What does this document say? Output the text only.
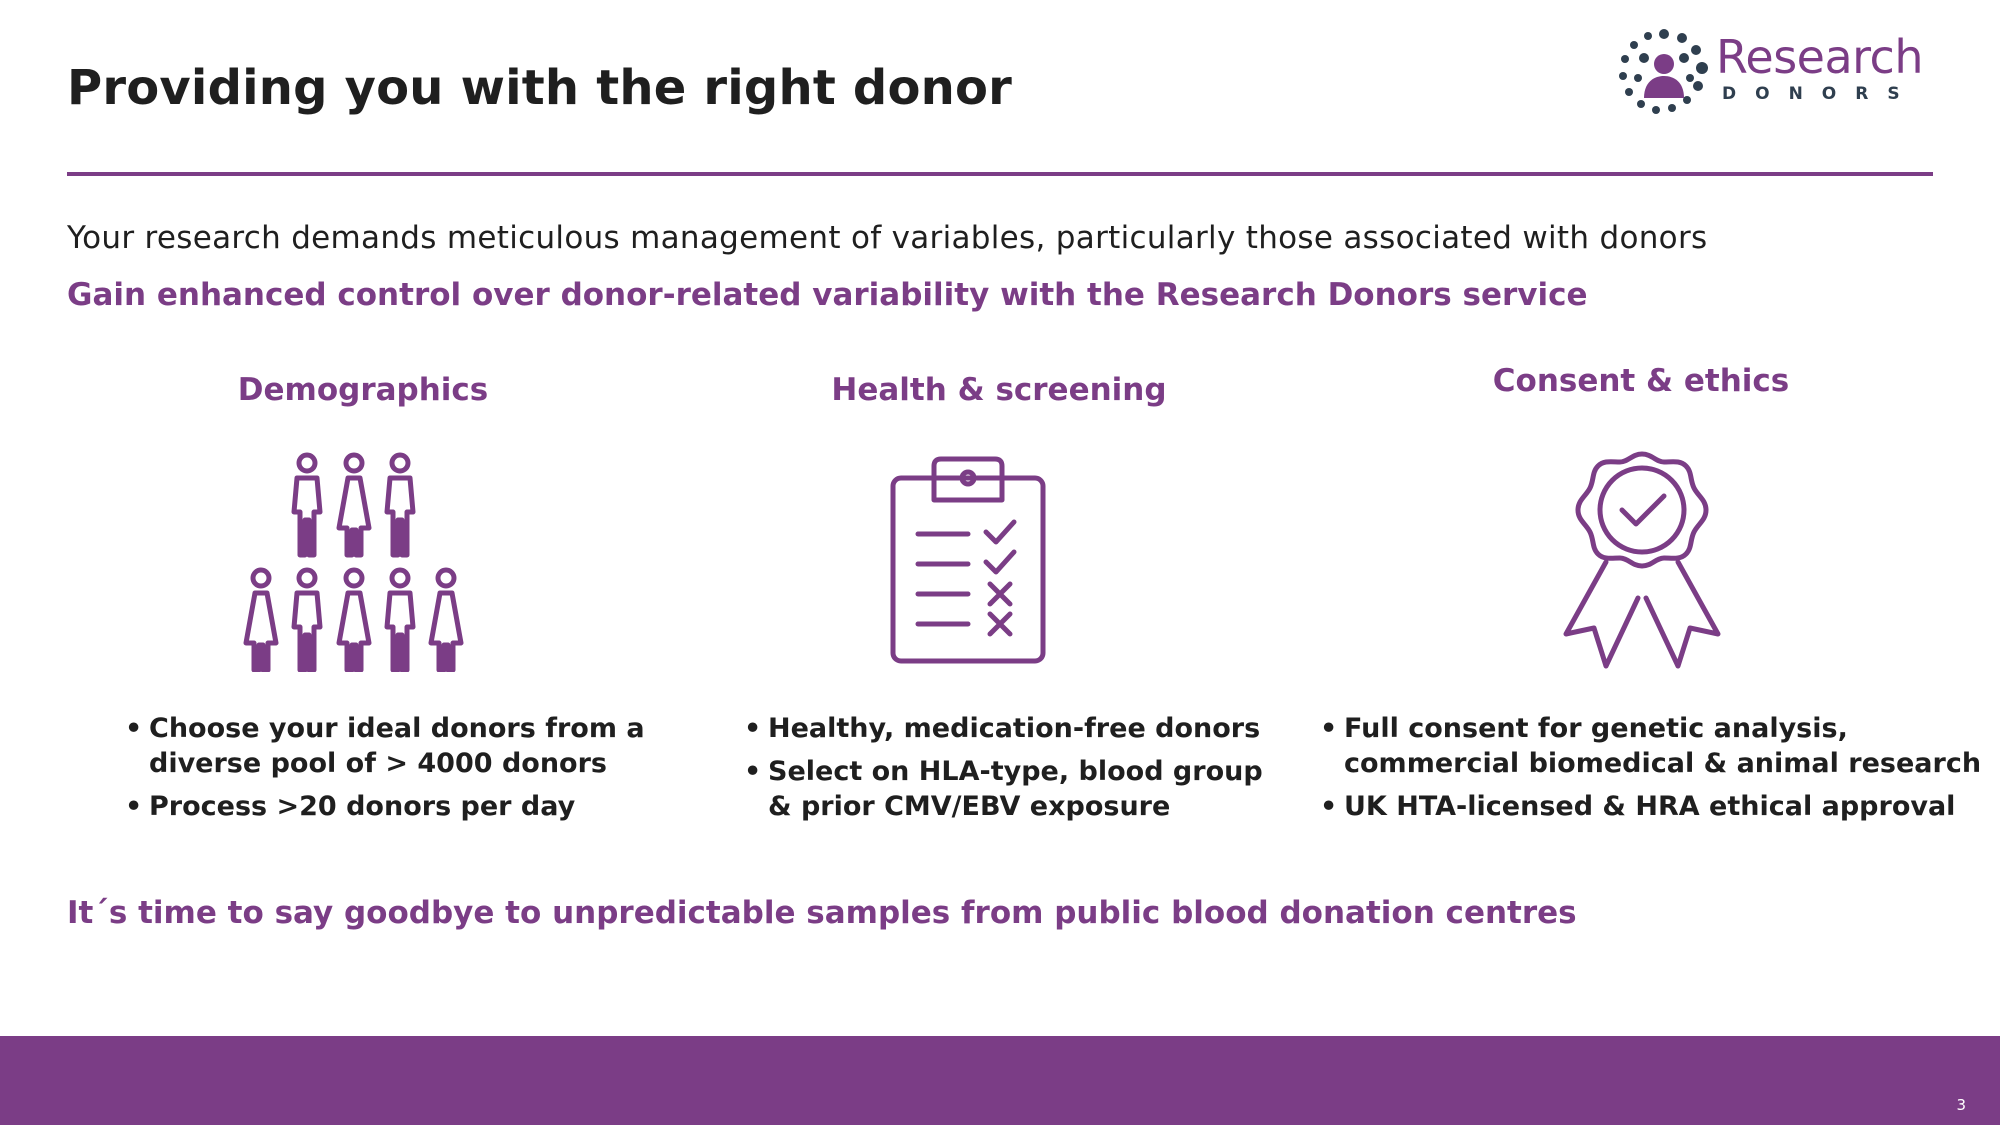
Providing you with the right donor
Research
DONORS
Your research demands meticulous management of variables, particularly those associated with donors
Gain enhanced control over donor-related variability with the Research Donors service
Demographics
• Choose your ideal donors from a diverse pool of > 4000 donors
• Process >20 donors per day
Health & screening
• Healthy, medication-free donors
• Select on HLA-type, blood group & prior CMV/EBV exposure
Consent & ethics
• Full consent for genetic analysis, commercial biomedical & animal research
• UK HTA-licensed & HRA ethical approval
It´s time to say goodbye to unpredictable samples from public blood donation centres
3
